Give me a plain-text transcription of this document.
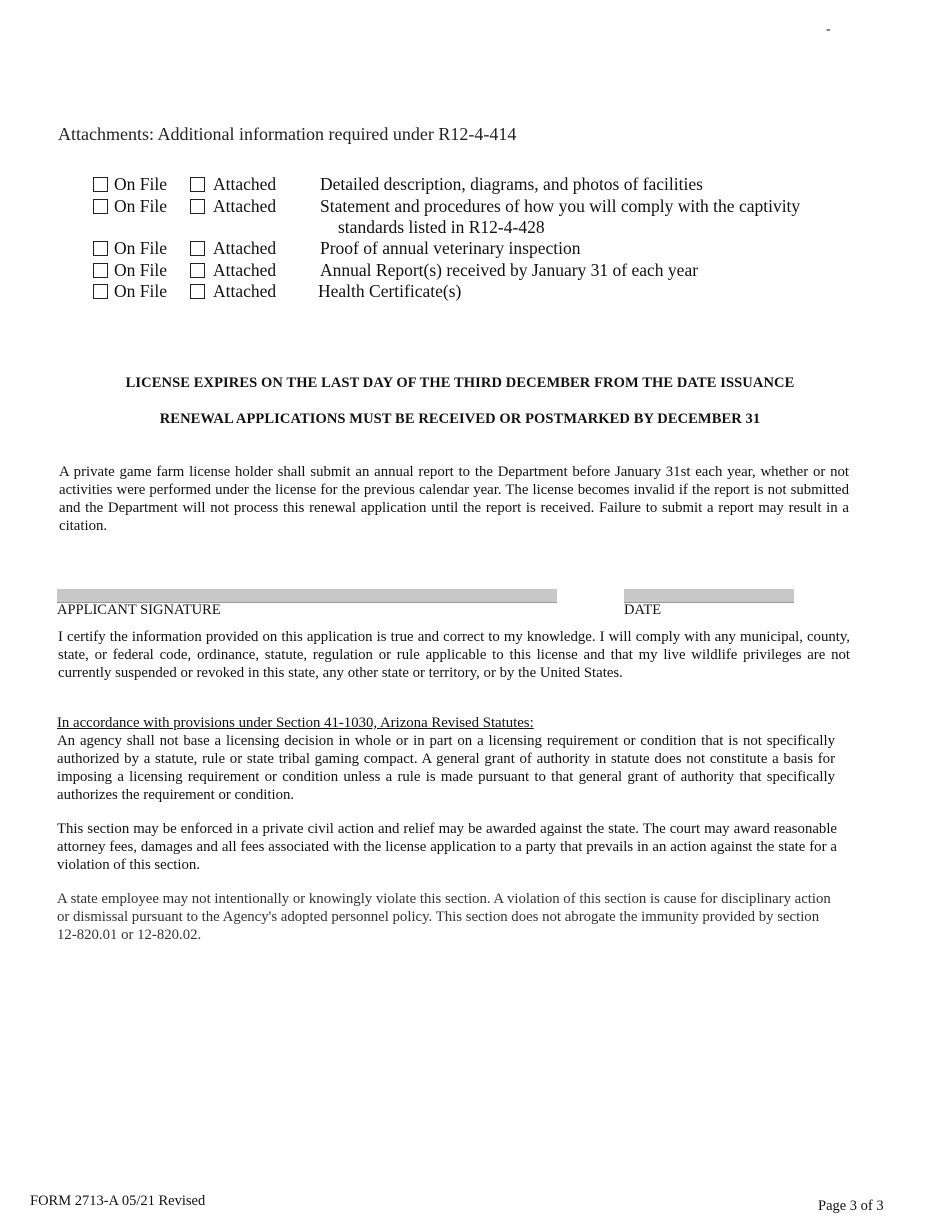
-
Attachments: Additional information required under R12-4-414
On File	Attached	Detailed description, diagrams, and photos of facilities
On File	Attached	Statement and procedures of how you will comply with the captivity
standards listed in R12-4-428
On File	Attached	Proof of annual veterinary inspection
On File	Attached	Annual Report(s) received by January 31 of each year
On File	Attached Health Certificate(s)
LICENSE EXPIRES ON THE LAST DAY OF THE THIRD DECEMBER FROM THE DATE ISSUANCE
RENEWAL APPLICATIONS MUST BE RECEIVED OR POSTMARKED BY DECEMBER 31
A private game farm license holder shall submit an annual report to the Department before January 31st each year, whether or not activities were performed under the license for the previous calendar year. The license becomes invalid if the report is not submitted and the Department will not process this renewal application until the report is received. Failure to submit a report may result in a citation.
APPLICANT SIGNATURE	DATE
I certify the information provided on this application is true and correct to my knowledge. I will comply with any municipal, county, state, or federal code, ordinance, statute, regulation or rule applicable to this license and that my live wildlife privileges are not currently suspended or revoked in this state, any other state or territory, or by the United States.
In accordance with provisions under Section 41-1030, Arizona Revised Statutes:
An agency shall not base a licensing decision in whole or in part on a licensing requirement or condition that is not specifically authorized by a statute, rule or state tribal gaming compact. A general grant of authority in statute does not constitute a basis for imposing a licensing requirement or condition unless a rule is made pursuant to that general grant of authority that specifically authorizes the requirement or condition.
This section may be enforced in a private civil action and relief may be awarded against the state. The court may award reasonable attorney fees, damages and all fees associated with the license application to a party that prevails in an action against the state for a violation of this section.
A state employee may not intentionally or knowingly violate this section. A violation of this section is cause for disciplinary action or dismissal pursuant to the Agency's adopted personnel policy. This section does not abrogate the immunity provided by section 12-820.01 or 12-820.02.
FORM 2713-A 05/21 Revised	Page 3 of 3
